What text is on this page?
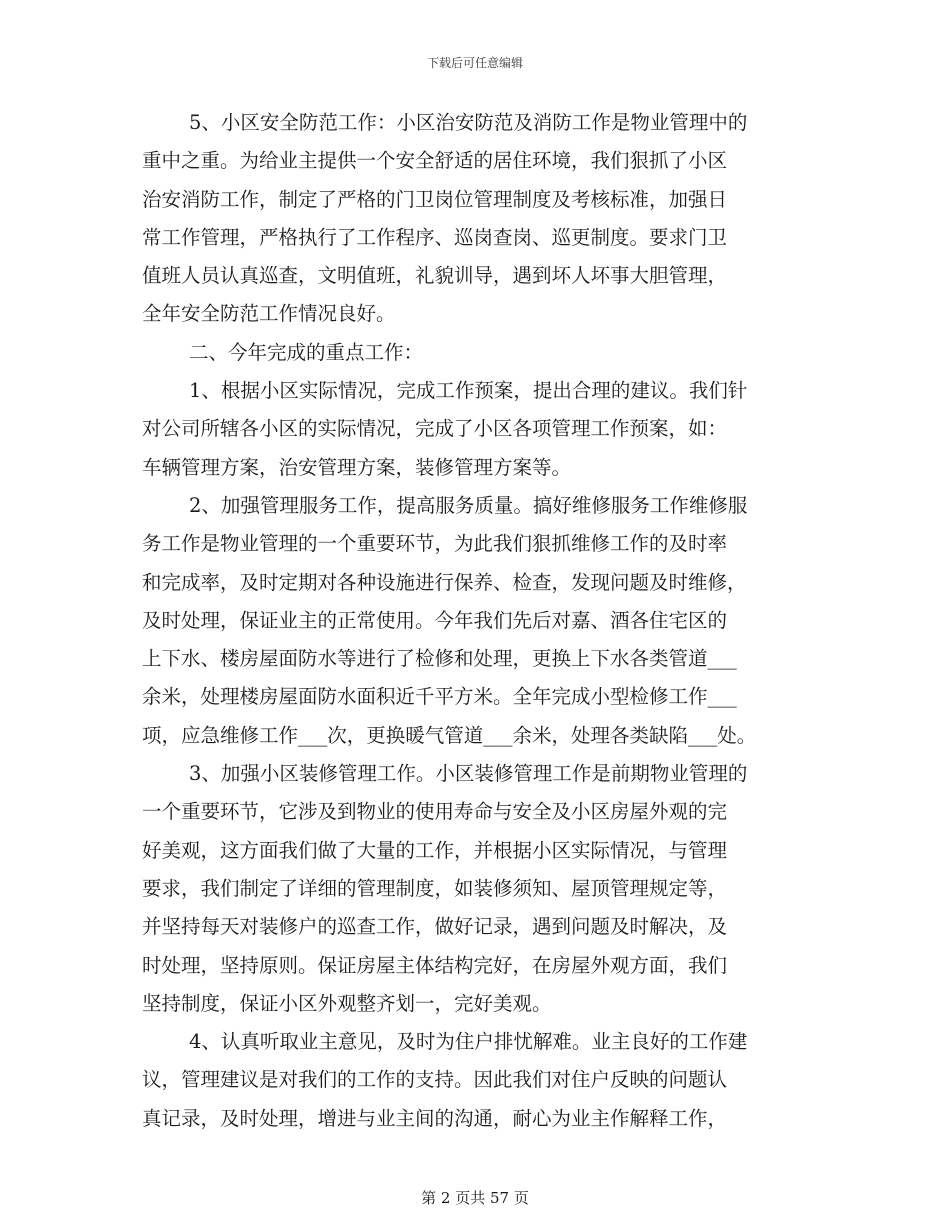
下载后可任意编辑
5、小区安全防范工作：小区治安防范及消防工作是物业管理中的
重中之重。为给业主提供一个安全舒适的居住环境，我们狠抓了小区
治安消防工作，制定了严格的门卫岗位管理制度及考核标准，加强日
常工作管理，严格执行了工作程序、巡岗查岗、巡更制度。要求门卫
值班人员认真巡查，文明值班，礼貌训导，遇到坏人坏事大胆管理，
全年安全防范工作情况良好。
二、今年完成的重点工作：
1、根据小区实际情况，完成工作预案，提出合理的建议。我们针
对公司所辖各小区的实际情况，完成了小区各项管理工作预案，如：
车辆管理方案，治安管理方案，装修管理方案等。
2、加强管理服务工作，提高服务质量。搞好维修服务工作维修服
务工作是物业管理的一个重要环节，为此我们狠抓维修工作的及时率
和完成率，及时定期对各种设施进行保养、检查，发现问题及时维修，
及时处理，保证业主的正常使用。今年我们先后对嘉、酒各住宅区的
上下水、楼房屋面防水等进行了检修和处理，更换上下水各类管道___
余米，处理楼房屋面防水面积近千平方米。全年完成小型检修工作___
项，应急维修工作___次，更换暖气管道___余米，处理各类缺陷___处。
3、加强小区装修管理工作。小区装修管理工作是前期物业管理的
一个重要环节，它涉及到物业的使用寿命与安全及小区房屋外观的完
好美观，这方面我们做了大量的工作，并根据小区实际情况，与管理
要求，我们制定了详细的管理制度，如装修须知、屋顶管理规定等，
并坚持每天对装修户的巡查工作，做好记录，遇到问题及时解决，及
时处理，坚持原则。保证房屋主体结构完好，在房屋外观方面，我们
坚持制度，保证小区外观整齐划一，完好美观。
4、认真听取业主意见，及时为住户排忧解难。业主良好的工作建
议，管理建议是对我们的工作的支持。因此我们对住户反映的问题认
真记录，及时处理，增进与业主间的沟通，耐心为业主作解释工作，
第 2 页共 57 页
